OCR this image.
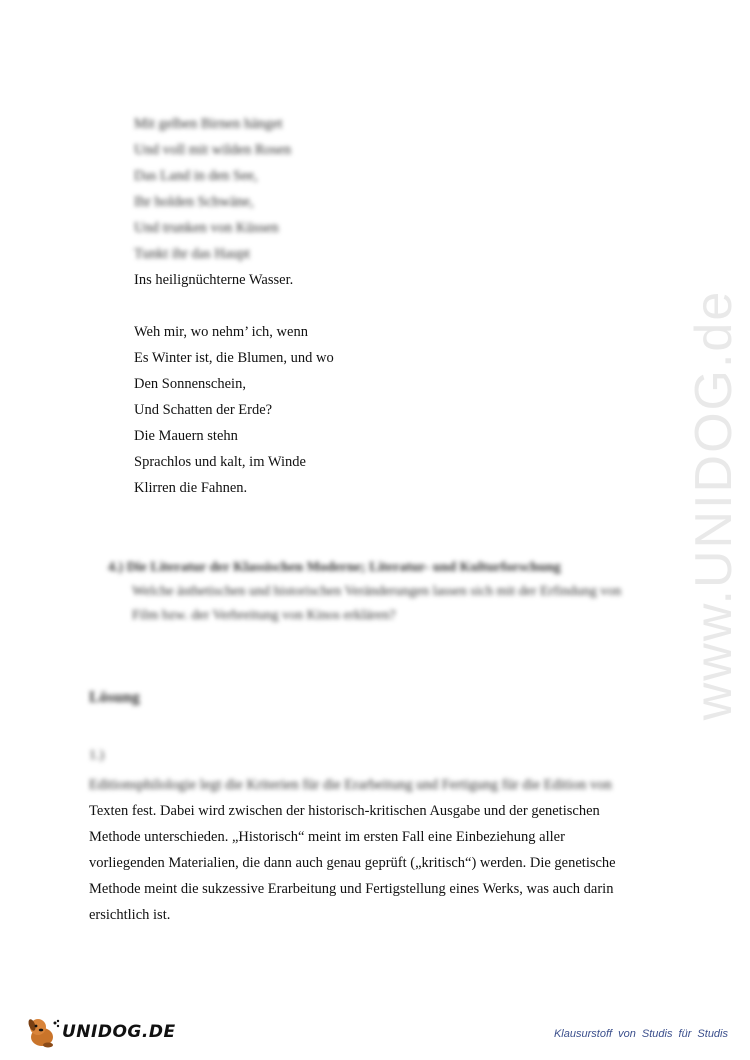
Mit gelben Birnen hänget
Und voll mit wilden Rosen
Das Land in den See,
Ihr holden Schwäne,
Und trunken von Küssen
Tunkt ihr das Haupt
Ins heilignüchterne Wasser.
Weh mir, wo nehm’ ich, wenn
Es Winter ist, die Blumen, und wo
Den Sonnenschein,
Und Schatten der Erde?
Die Mauern stehn
Sprachlos und kalt, im Winde
Klirren die Fahnen.
4.) Die Literatur der Klassischen Moderne; Literatur- und Kulturforschung
Welche ästhetischen und historischen Veränderungen lassen sich mit der Erfindung von Film bzw. der Verbreitung von Kinos erklären?
Lösung
1.)
Editionsphilologie legt die Kriterien für die Erarbeitung und Fertigung für die Edition von
Texten fest. Dabei wird zwischen der historisch-kritischen Ausgabe und der genetischen
Methode unterschieden. „Historisch“ meint im ersten Fall eine Einbeziehung aller
vorliegenden Materialien, die dann auch genau geprüft („kritisch“) werden. Die genetische
Methode meint die sukzessive Erarbeitung und Fertigstellung eines Werks, was auch darin
ersichtlich ist.
www.UNIDOG.de
UNIDOG.DE	Klausurstoff von Studis für Studis
